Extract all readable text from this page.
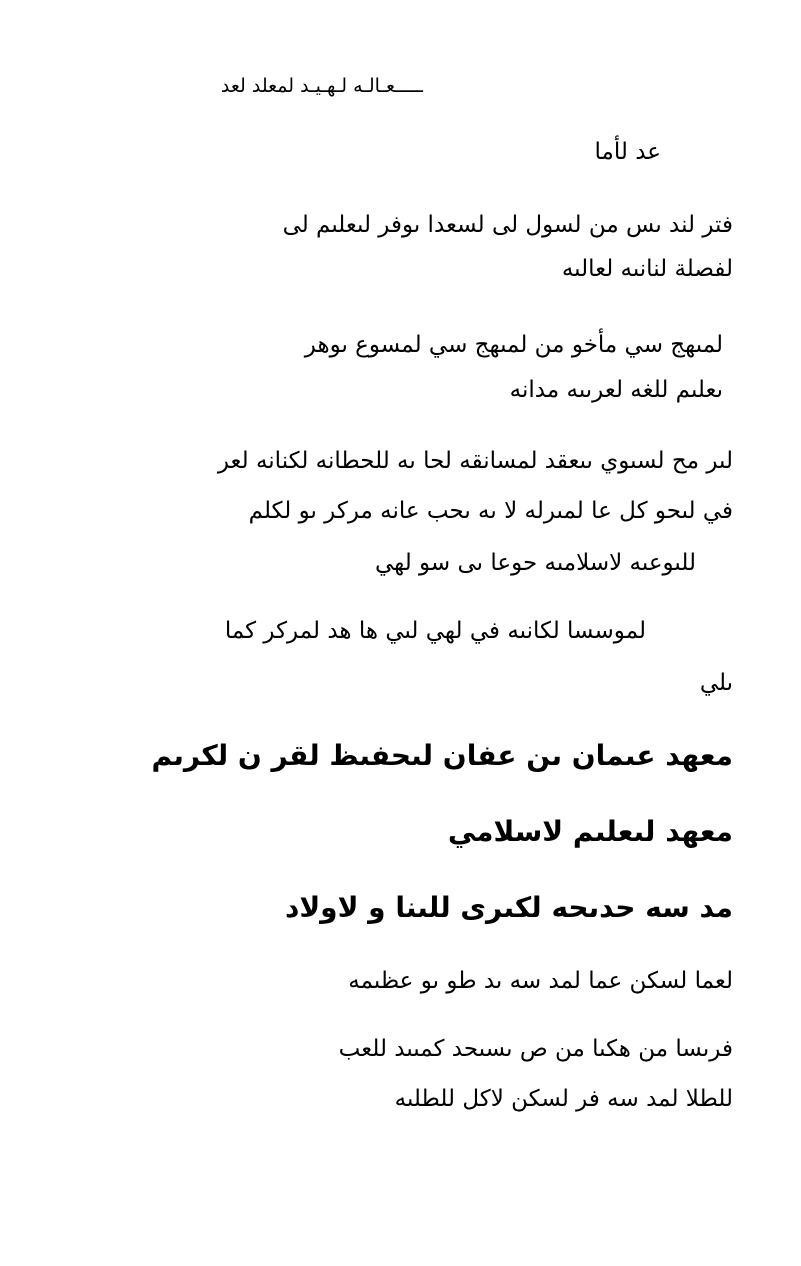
ـــــعـالـه لـهـيـد لمعلد لعد
عد لأما
فتر لند ىس من لسول لى لسعدا ىوفر لىعلىم لى
لفصلة لنانىه لعالىه
لمىهج سي مأخو من لمىهج سي لمسوع ىوهر
ىعلىم للغه لعرىىه مدانه
لىر مح لسىوي ىىعقد لمسانقه لحا ىه للحطانه لكنانه لعر
في لىحو كل عا لمىرله لا ىه ىحب عانه مركر ىو لكلم
للىوعىه لاسلامىه حوعا ىى سو لهي
لموسسا لكانىه في لهي لىي ها هد لمركر كما
ىلي
معهد عىمان ىن عفان لىحفىظ لقر ن لكرىم
معهد لىعلىم لاسلامي
مد سه حدىحه لكىرى للىنا و لاولاد
لعما لسكن عما لمد سه ىد طو ىو عظىمه
فرىسا من هكىا من ص ىسىحد كمىىد للعب
للطلا لمد سه فر لسكن لاكل للطلىه
